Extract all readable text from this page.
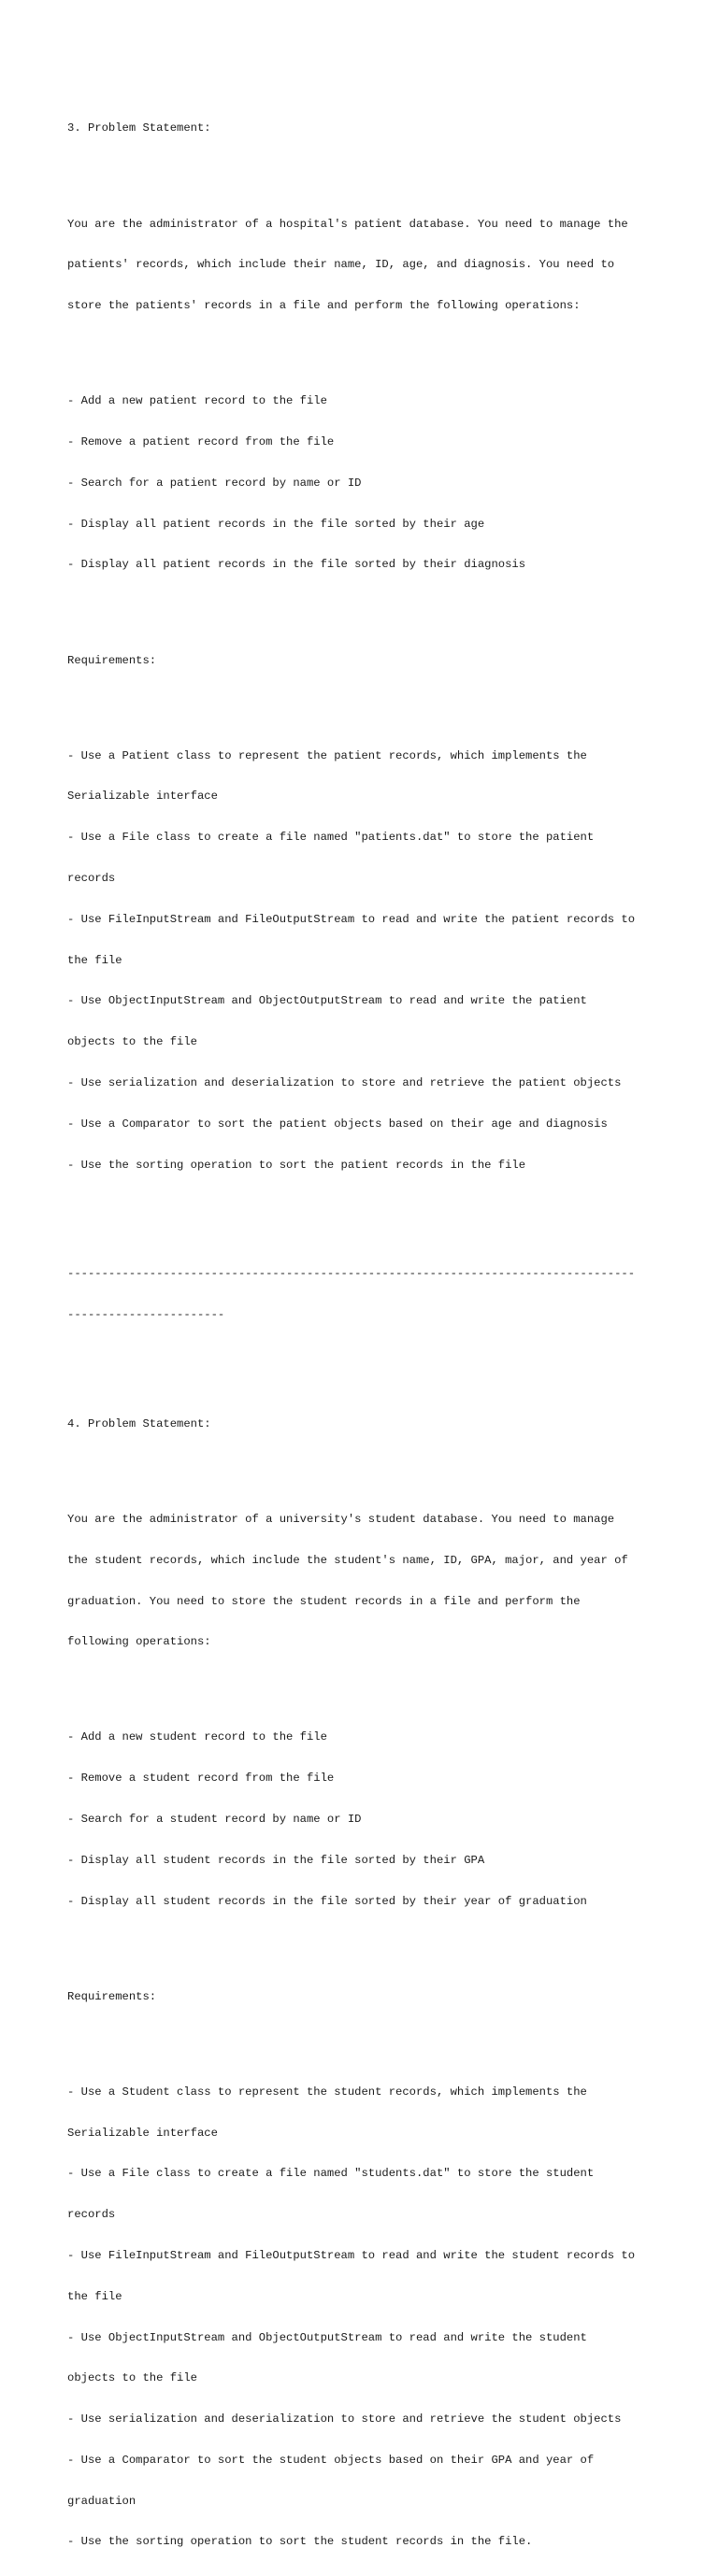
3. Problem Statement:

You are the administrator of a hospital's patient database. You need to manage the

patients' records, which include their name, ID, age, and diagnosis. You need to

store the patients' records in a file and perform the following operations:

- Add a new patient record to the file

- Remove a patient record from the file

- Search for a patient record by name or ID

- Display all patient records in the file sorted by their age

- Display all patient records in the file sorted by their diagnosis

Requirements:

- Use a Patient class to represent the patient records, which implements the

Serializable interface

- Use a File class to create a file named "patients.dat" to store the patient

records

- Use FileInputStream and FileOutputStream to read and write the patient records to

the file

- Use ObjectInputStream and ObjectOutputStream to read and write the patient

objects to the file

- Use serialization and deserialization to store and retrieve the patient objects

- Use a Comparator to sort the patient objects based on their age and diagnosis

- Use the sorting operation to sort the patient records in the file

-----------------------------------------------------------------------------------

-----------------------

4. Problem Statement:

You are the administrator of a university's student database. You need to manage

the student records, which include the student's name, ID, GPA, major, and year of

graduation. You need to store the student records in a file and perform the

following operations:

- Add a new student record to the file

- Remove a student record from the file

- Search for a student record by name or ID

- Display all student records in the file sorted by their GPA

- Display all student records in the file sorted by their year of graduation

Requirements:

- Use a Student class to represent the student records, which implements the

Serializable interface

- Use a File class to create a file named "students.dat" to store the student

records

- Use FileInputStream and FileOutputStream to read and write the student records to

the file

- Use ObjectInputStream and ObjectOutputStream to read and write the student

objects to the file

- Use serialization and deserialization to store and retrieve the student objects

- Use a Comparator to sort the student objects based on their GPA and year of

graduation

- Use the sorting operation to sort the student records in the file.
